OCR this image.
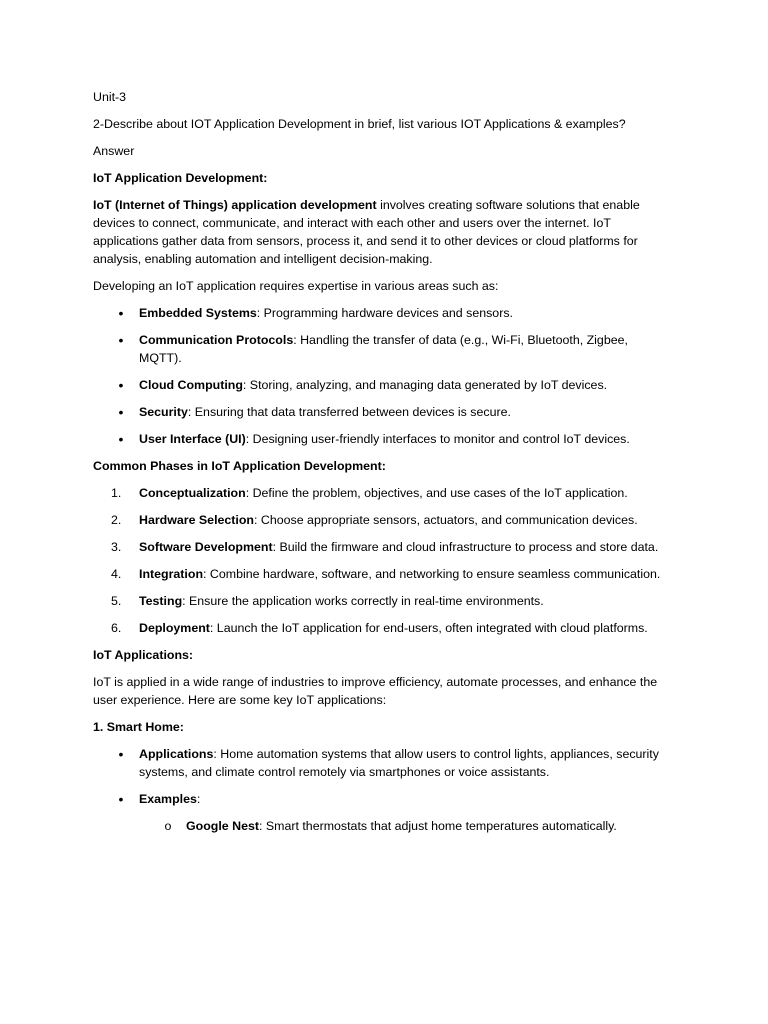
Unit-3

2-Describe about IOT Application Development in brief, list various IOT Applications & examples?

Answer

IoT Application Development:

IoT (Internet of Things) application development involves creating software solutions that enable devices to connect, communicate, and interact with each other and users over the internet. IoT applications gather data from sensors, process it, and send it to other devices or cloud platforms for analysis, enabling automation and intelligent decision-making.

Developing an IoT application requires expertise in various areas such as:

• Embedded Systems: Programming hardware devices and sensors.
• Communication Protocols: Handling the transfer of data (e.g., Wi-Fi, Bluetooth, Zigbee, MQTT).
• Cloud Computing: Storing, analyzing, and managing data generated by IoT devices.
• Security: Ensuring that data transferred between devices is secure.
• User Interface (UI): Designing user-friendly interfaces to monitor and control IoT devices.

Common Phases in IoT Application Development:

1.	Conceptualization: Define the problem, objectives, and use cases of the IoT application.
2.	Hardware Selection: Choose appropriate sensors, actuators, and communication devices.
3.	Software Development: Build the firmware and cloud infrastructure to process and store data.
4.	Integration: Combine hardware, software, and networking to ensure seamless communication.
5.	Testing: Ensure the application works correctly in real-time environments.
6.	Deployment: Launch the IoT application for end-users, often integrated with cloud platforms.

IoT Applications:

IoT is applied in a wide range of industries to improve efficiency, automate processes, and enhance the user experience. Here are some key IoT applications:

1. Smart Home:

• Applications: Home automation systems that allow users to control lights, appliances, security systems, and climate control remotely via smartphones or voice assistants.
• Examples:
o Google Nest: Smart thermostats that adjust home temperatures automatically.
